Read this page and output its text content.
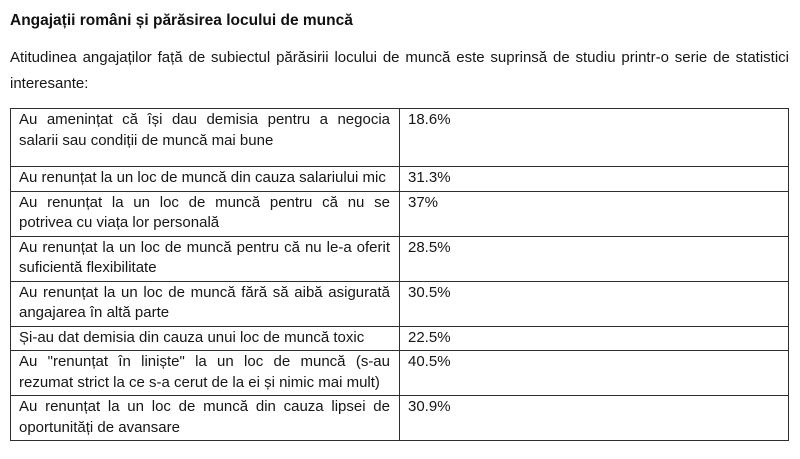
Angajații români și părăsirea locului de muncă

Atitudinea angajaților față de subiectul părăsirii locului de muncă este suprinsă de studiu printr-o serie de statistici interesante:

Au amenințat că își dau demisia pentru a negocia salarii sau condiții de muncă mai bune	18.6%
Au renunțat la un loc de muncă din cauza salariului mic	31.3%
Au renunțat la un loc de muncă pentru că nu se potrivea cu viața lor personală	37%
Au renunțat la un loc de muncă pentru că nu le-a oferit suficientă flexibilitate	28.5%
Au renunțat la un loc de muncă fără să aibă asigurată angajarea în altă parte	30.5%
Și-au dat demisia din cauza unui loc de muncă toxic	22.5%
Au "renunțat în liniște" la un loc de muncă (s-au rezumat strict la ce s-a cerut de la ei și nimic mai mult)	40.5%
Au renunțat la un loc de muncă din cauza lipsei de oportunități de avansare	30.9%
